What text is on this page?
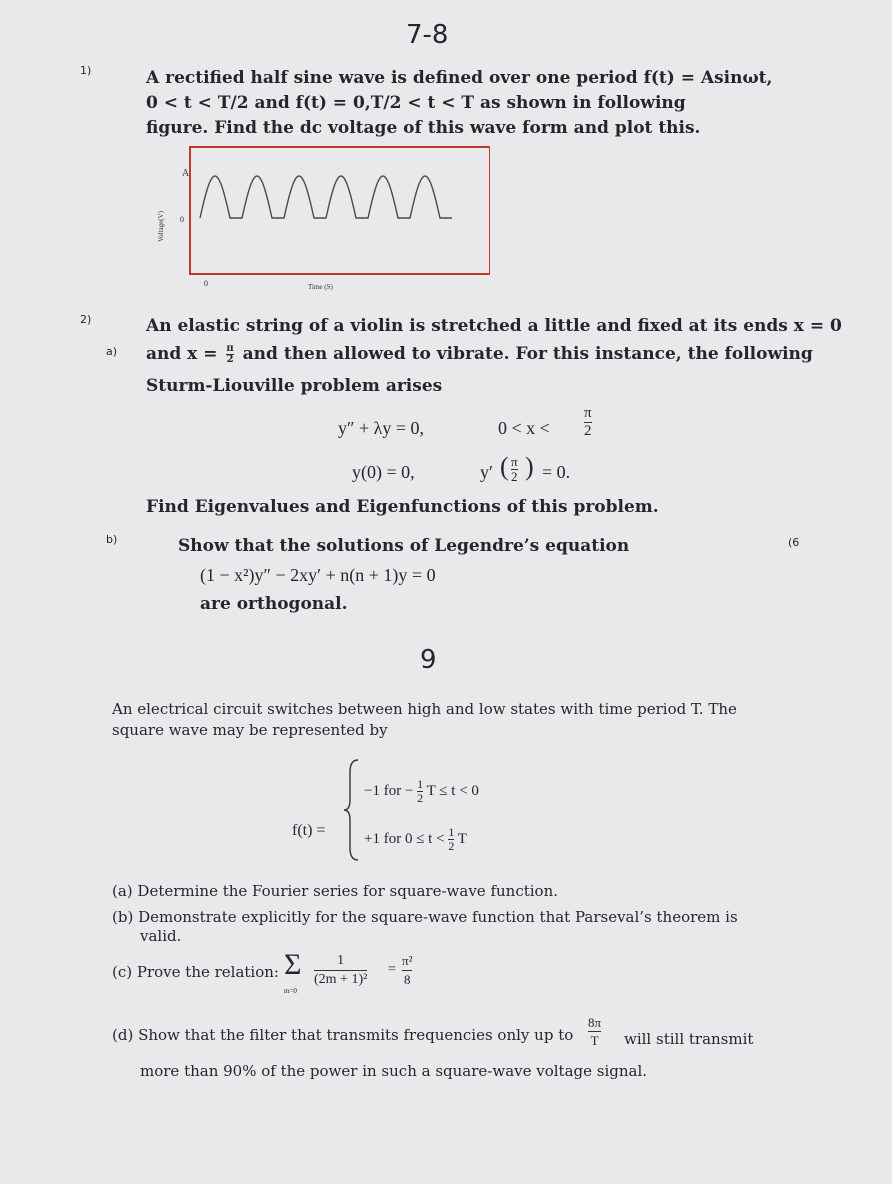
7-8
1)	A rectified half sine wave is defined over one period f(t) = Asinωt,
0 < t < T/2 and f(t) = 0,T/2 < t < T as shown in following
figure. Find the dc voltage of this wave form and plot this.
A
0
0
Voltage(V)
Time (S)
2)	An elastic string of a violin is stretched a little and fixed at its ends x = 0
a) and $x = \frac{\pi}{2}$ and then allowed to vibrate. For this instance, the following
Sturm-Liouville problem arises
y″ + λy = 0,	$0 < x < \frac{\pi}{2}$
y(0) = 0,	y′ ( $\frac{\pi}{2}$ ) = 0.
Find Eigenvalues and Eigenfunctions of this problem.
b)	Show that the solutions of Legendre’s equation	(6
(1 − x²)y″ − 2xy′ + n(n + 1)y = 0
are orthogonal.
9
An electrical circuit switches between high and low states with time period T. The
square wave may be represented by
f(t) =
−1 for − $\frac{1}{2}$ T ≤ t < 0
+1 for $0 \le t < \frac{1}{2}$ T
(a) Determine the Fourier series for square-wave function.
(b) Demonstrate explicitly for the square-wave function that Parseval’s theorem is
valid.
(c) Prove the relation: Σ
m=0
$\frac{1}{\text{(2m + 1)²}} = \frac{\text{π²}}{8}$
(d) Show that the filter that transmits frequencies only up to $\frac{8\pi}{T}$ will still transmit
more than 90% of the power in such a square-wave voltage signal.
